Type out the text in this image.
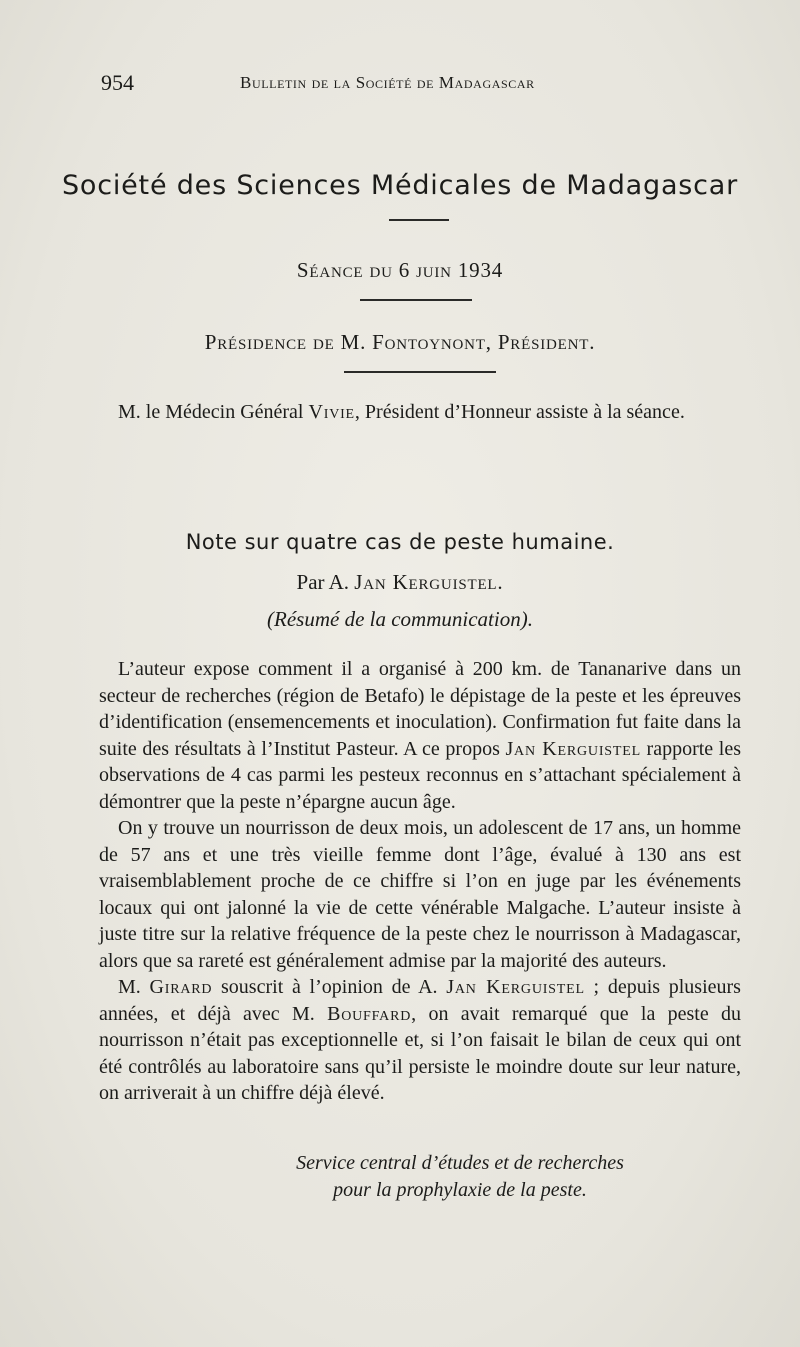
954	Bulletin de la Société de Madagascar
Société des Sciences Médicales de Madagascar
Séance du 6 juin 1934
Présidence de M. Fontoynont, Président.

M. le Médecin Général Vivie, Président d’Honneur assiste à la séance.

Note sur quatre cas de peste humaine.
Par A. Jan Kerguistel.
(Résumé de la communication).

L’auteur expose comment il a organisé à 200 km. de Tananarive dans un secteur de recherches (région de Betafo) le dépistage de la peste et les épreuves d’identification (ensemencements et inoculation). Confirmation fut faite dans la suite des résultats à l’Institut Pasteur. A ce propos Jan Kerguistel rapporte les observations de 4 cas parmi les pesteux reconnus en s’attachant spécialement à démontrer que la peste n’épargne aucun âge.

On y trouve un nourrisson de deux mois, un adolescent de 17 ans, un homme de 57 ans et une très vieille femme dont l’âge, évalué à 130 ans est vraisemblablement proche de ce chiffre si l’on en juge par les événements locaux qui ont jalonné la vie de cette vénérable Malgache. L’auteur insiste à juste titre sur la relative fréquence de la peste chez le nourrisson à Madagascar, alors que sa rareté est généralement admise par la majorité des auteurs.

M. Girard souscrit à l’opinion de A. Jan Kerguistel ; depuis plusieurs années, et déjà avec M. Bouffard, on avait remarqué que la peste du nourrisson n’était pas exceptionnelle et, si l’on faisait le bilan de ceux qui ont été contrôlés au laboratoire sans qu’il persiste le moindre doute sur leur nature, on arriverait à un chiffre déjà élevé.

Service central d’études et de recherches
pour la prophylaxie de la peste.
